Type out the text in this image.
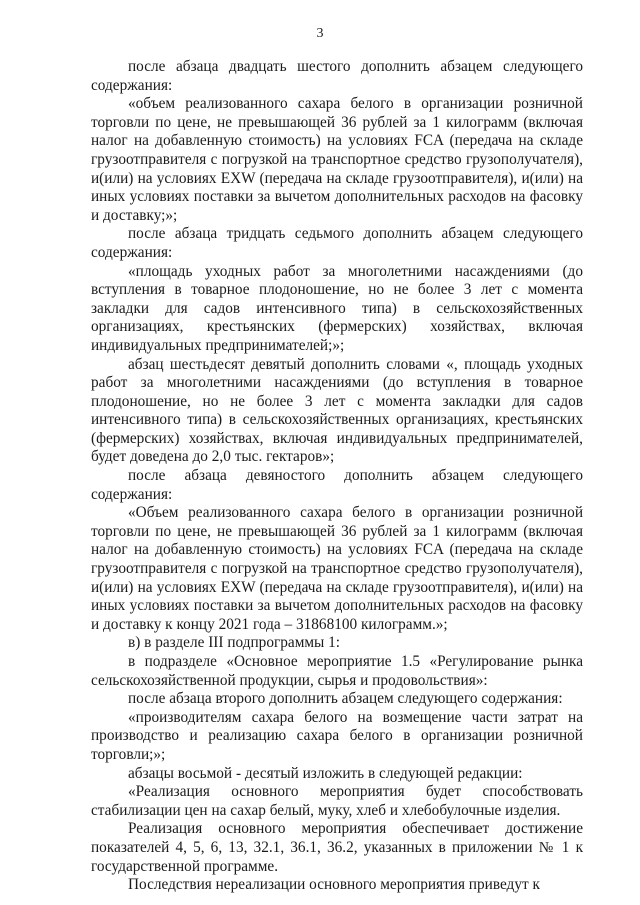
3

после абзаца двадцать шестого дополнить абзацем следующего содержания:

«объем реализованного сахара белого в организации розничной торговли по цене, не превышающей 36 рублей за 1 килограмм (включая налог на добавленную стоимость) на условиях FCA (передача на складе грузоотправителя с погрузкой на транспортное средство грузополучателя), и(или) на условиях EXW (передача на складе грузоотправителя), и(или) на иных условиях поставки за вычетом дополнительных расходов на фасовку и доставку;»;

после абзаца тридцать седьмого дополнить абзацем следующего содержания:

«площадь уходных работ за многолетними насаждениями (до вступления в товарное плодоношение, но не более 3 лет с момента закладки для садов интенсивного типа) в сельскохозяйственных организациях, крестьянских (фермерских) хозяйствах, включая индивидуальных предпринимателей;»;

абзац шестьдесят девятый дополнить словами «, площадь уходных работ за многолетними насаждениями (до вступления в товарное плодоношение, но не более 3 лет с момента закладки для садов интенсивного типа) в сельскохозяйственных организациях, крестьянских (фермерских) хозяйствах, включая индивидуальных предпринимателей, будет доведена до 2,0 тыс. гектаров»;

после абзаца девяностого дополнить абзацем следующего содержания:

«Объем реализованного сахара белого в организации розничной торговли по цене, не превышающей 36 рублей за 1 килограмм (включая налог на добавленную стоимость) на условиях FCA (передача на складе грузоотправителя с погрузкой на транспортное средство грузополучателя), и(или) на условиях EXW (передача на складе грузоотправителя), и(или) на иных условиях поставки за вычетом дополнительных расходов на фасовку и доставку к концу 2021 года – 31868100 килограмм.»;

в) в разделе III подпрограммы 1:

в подразделе «Основное мероприятие 1.5 «Регулирование рынка сельскохозяйственной продукции, сырья и продовольствия»:

после абзаца второго дополнить абзацем следующего содержания:

«производителям сахара белого на возмещение части затрат на производство и реализацию сахара белого в организации розничной торговли;»;

абзацы восьмой - десятый изложить в следующей редакции:

«Реализация основного мероприятия будет способствовать стабилизации цен на сахар белый, муку, хлеб и хлебобулочные изделия.

Реализация основного мероприятия обеспечивает достижение показателей 4, 5, 6, 13, 32.1, 36.1, 36.2, указанных в приложении № 1 к государственной программе.

Последствия нереализации основного мероприятия приведут к
